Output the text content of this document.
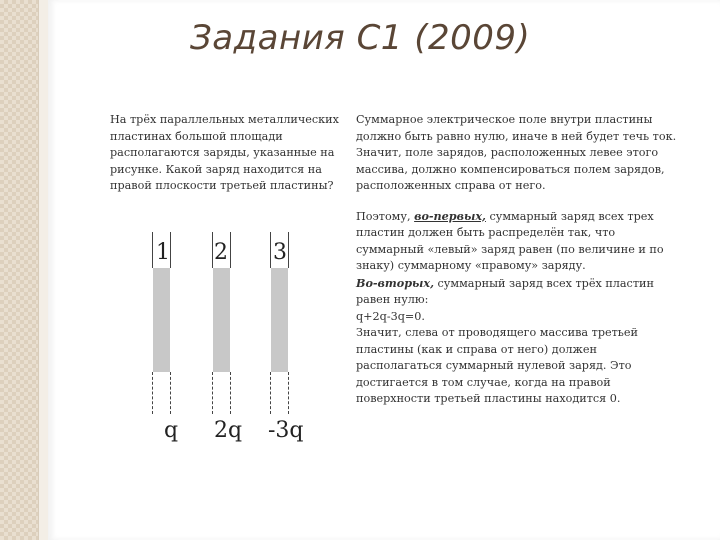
Задания С1 (2009)
На трёх параллельных металлических пластинах большой площади располагаются заряды, указанные на рисунке. Какой заряд находится на правой плоскости третьей пластины?

Суммарное электрическое поле внутри пластины должно быть равно нулю, иначе в ней будет течь ток. Значит, поле зарядов, расположенных левее этого массива, должно компенсироваться полем зарядов, расположенных справа от него.

Поэтому, во-первых, суммарный заряд всех трех пластин должен быть распределён так, что суммарный «левый» заряд равен (по величине и по знаку) суммарному «правому» заряду.

Во-вторых, суммарный заряд всех трёх пластин равен нулю:

q+2q-3q=0.

Значит, слева от проводящего массива третьей пластины (как и справа от него) должен располагаться суммарный нулевой заряд. Это достигается в том случае, когда на правой поверхности третьей пластины находится 0.

1
q
2
2q
3
-3q
